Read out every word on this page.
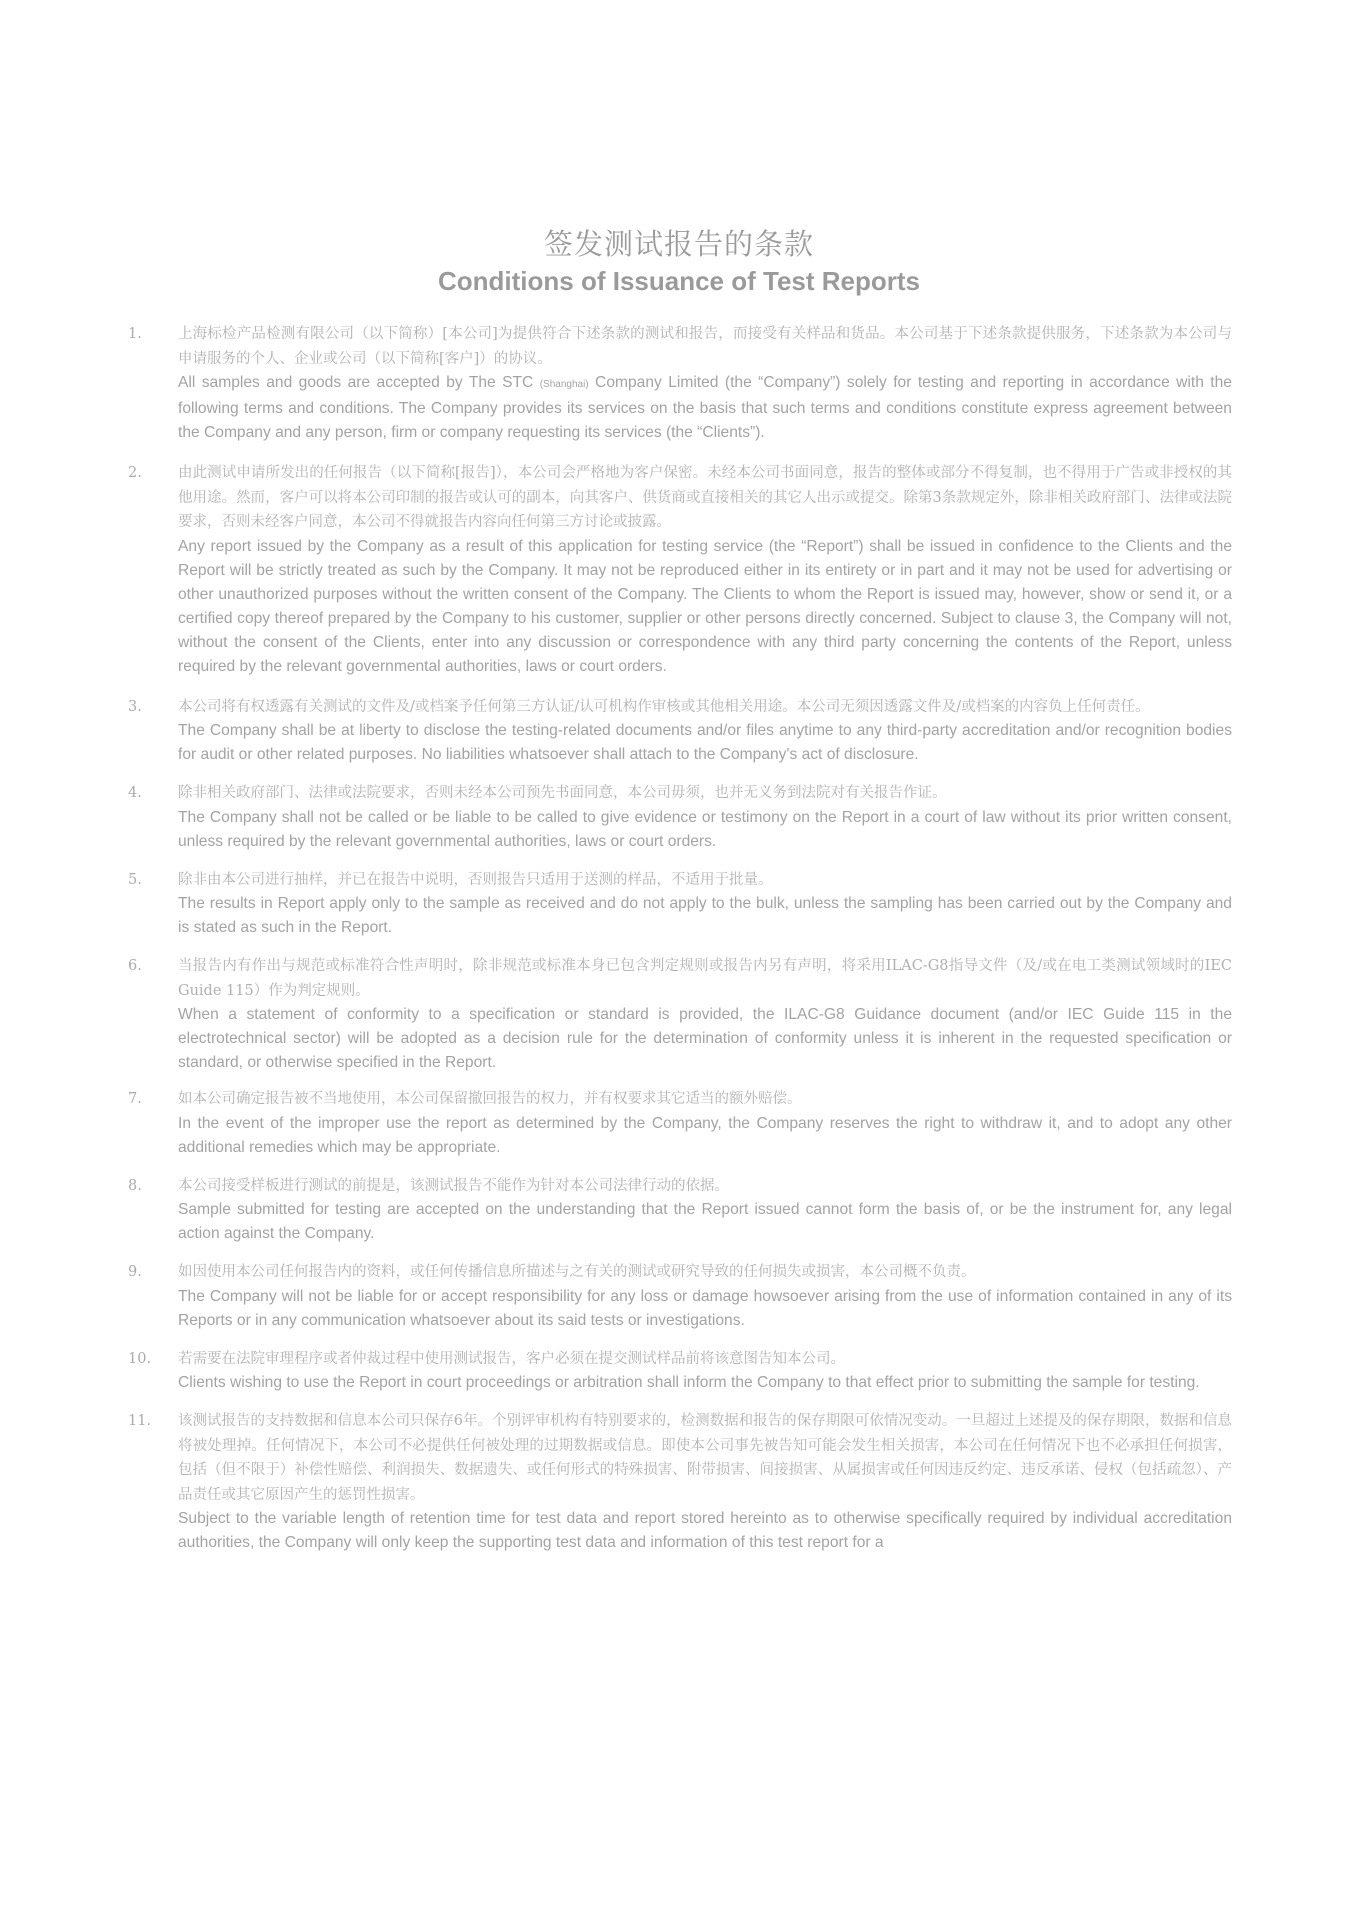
签发测试报告的条款
Conditions of Issuance of Test Reports
1. 上海标检产品检测有限公司（以下简称）[本公司]为提供符合下述条款的测试和报告，而接受有关样品和货品。本公司基于下述条款提供服务，下述条款为本公司与申请服务的个人、企业或公司（以下简称[客户]）的协议。
All samples and goods are accepted by The STC (Shanghai) Company Limited (the “Company”) solely for testing and reporting in accordance with the following terms and conditions. The Company provides its services on the basis that such terms and conditions constitute express agreement between the Company and any person, firm or company requesting its services (the “Clients”).
2. 由此测试申请所发出的任何报告（以下简称[报告]），本公司会严格地为客户保密。未经本公司书面同意，报告的整体或部分不得复制，也不得用于广告或非授权的其他用途。然而，客户可以将本公司印制的报告或认可的副本，向其客户、供货商或直接相关的其它人出示或提交。除第3条款规定外，除非相关政府部门、法律或法院要求，否则未经客户同意，本公司不得就报告内容向任何第三方讨论或披露。
Any report issued by the Company as a result of this application for testing service (the “Report”) shall be issued in confidence to the Clients and the Report will be strictly treated as such by the Company. It may not be reproduced either in its entirety or in part and it may not be used for advertising or other unauthorized purposes without the written consent of the Company. The Clients to whom the Report is issued may, however, show or send it, or a certified copy thereof prepared by the Company to his customer, supplier or other persons directly concerned. Subject to clause 3, the Company will not, without the consent of the Clients, enter into any discussion or correspondence with any third party concerning the contents of the Report, unless required by the relevant governmental authorities, laws or court orders.
3. 本公司将有权透露有关测试的文件及/或档案予任何第三方认证/认可机构作审核或其他相关用途。本公司无须因透露文件及/或档案的内容负上任何责任。
The Company shall be at liberty to disclose the testing-related documents and/or files anytime to any third-party accreditation and/or recognition bodies for audit or other related purposes. No liabilities whatsoever shall attach to the Company's act of disclosure.
4. 除非相关政府部门、法律或法院要求，否则未经本公司预先书面同意，本公司毋须，也并无义务到法院对有关报告作证。
The Company shall not be called or be liable to be called to give evidence or testimony on the Report in a court of law without its prior written consent, unless required by the relevant governmental authorities, laws or court orders.
5. 除非由本公司进行抽样，并已在报告中说明，否则报告只适用于送测的样品，不适用于批量。
The results in Report apply only to the sample as received and do not apply to the bulk, unless the sampling has been carried out by the Company and is stated as such in the Report.
6. 当报告内有作出与规范或标准符合性声明时，除非规范或标准本身已包含判定规则或报告内另有声明，将采用ILAC-G8指导文件（及/或在电工类测试领域时的IEC Guide 115）作为判定规则。
When a statement of conformity to a specification or standard is provided, the ILAC-G8 Guidance document (and/or IEC Guide 115 in the electrotechnical sector) will be adopted as a decision rule for the determination of conformity unless it is inherent in the requested specification or standard, or otherwise specified in the Report.
7. 如本公司确定报告被不当地使用，本公司保留撤回报告的权力，并有权要求其它适当的额外赔偿。
In the event of the improper use the report as determined by the Company, the Company reserves the right to withdraw it, and to adopt any other additional remedies which may be appropriate.
8. 本公司接受样板进行测试的前提是，该测试报告不能作为针对本公司法律行动的依据。
Sample submitted for testing are accepted on the understanding that the Report issued cannot form the basis of, or be the instrument for, any legal action against the Company.
9. 如因使用本公司任何报告内的资料，或任何传播信息所描述与之有关的测试或研究导致的任何损失或损害，本公司概不负责。
The Company will not be liable for or accept responsibility for any loss or damage howsoever arising from the use of information contained in any of its Reports or in any communication whatsoever about its said tests or investigations.
10. 若需要在法院审理程序或者仲裁过程中使用测试报告，客户必须在提交测试样品前将该意图告知本公司。
Clients wishing to use the Report in court proceedings or arbitration shall inform the Company to that effect prior to submitting the sample for testing.
11. 该测试报告的支持数据和信息本公司只保存6年。个别评审机构有特别要求的，检测数据和报告的保存期限可依情况变动。一旦超过上述提及的保存期限，数据和信息将被处理掉。任何情况下，本公司不必提供任何被处理的过期数据或信息。即使本公司事先被告知可能会发生相关损害，本公司在任何情况下也不必承担任何损害，包括（但不限于）补偿性赔偿、利润损失、数据遗失、或任何形式的特殊损害、附带损害、间接损害、从属损害或任何因违反约定、违反承诺、侵权（包括疏忽）、产品责任或其它原因产生的惩罚性损害。
Subject to the variable length of retention time for test data and report stored hereinto as to otherwise specifically required by individual accreditation authorities, the Company will only keep the supporting test data and information of this test report for a
